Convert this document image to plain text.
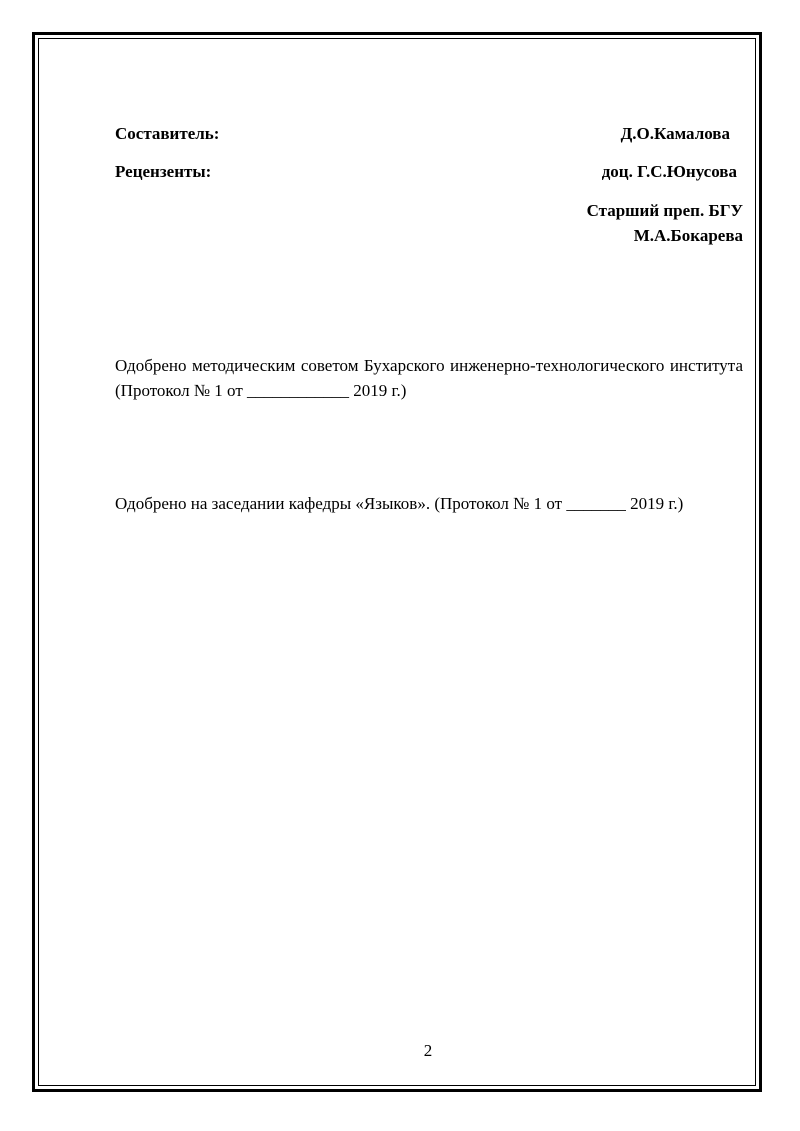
Составитель:	Д.О.Камалова
Рецензенты:	доц. Г.С.Юнусова
Старший преп. БГУ
М.А.Бокарева
Одобрено методическим советом Бухарского инженерно-технологического института (Протокол № 1 от ____________ 2019 г.)
Одобрено на заседании кафедры «Языков». (Протокол № 1 от _______ 2019 г.)
2
